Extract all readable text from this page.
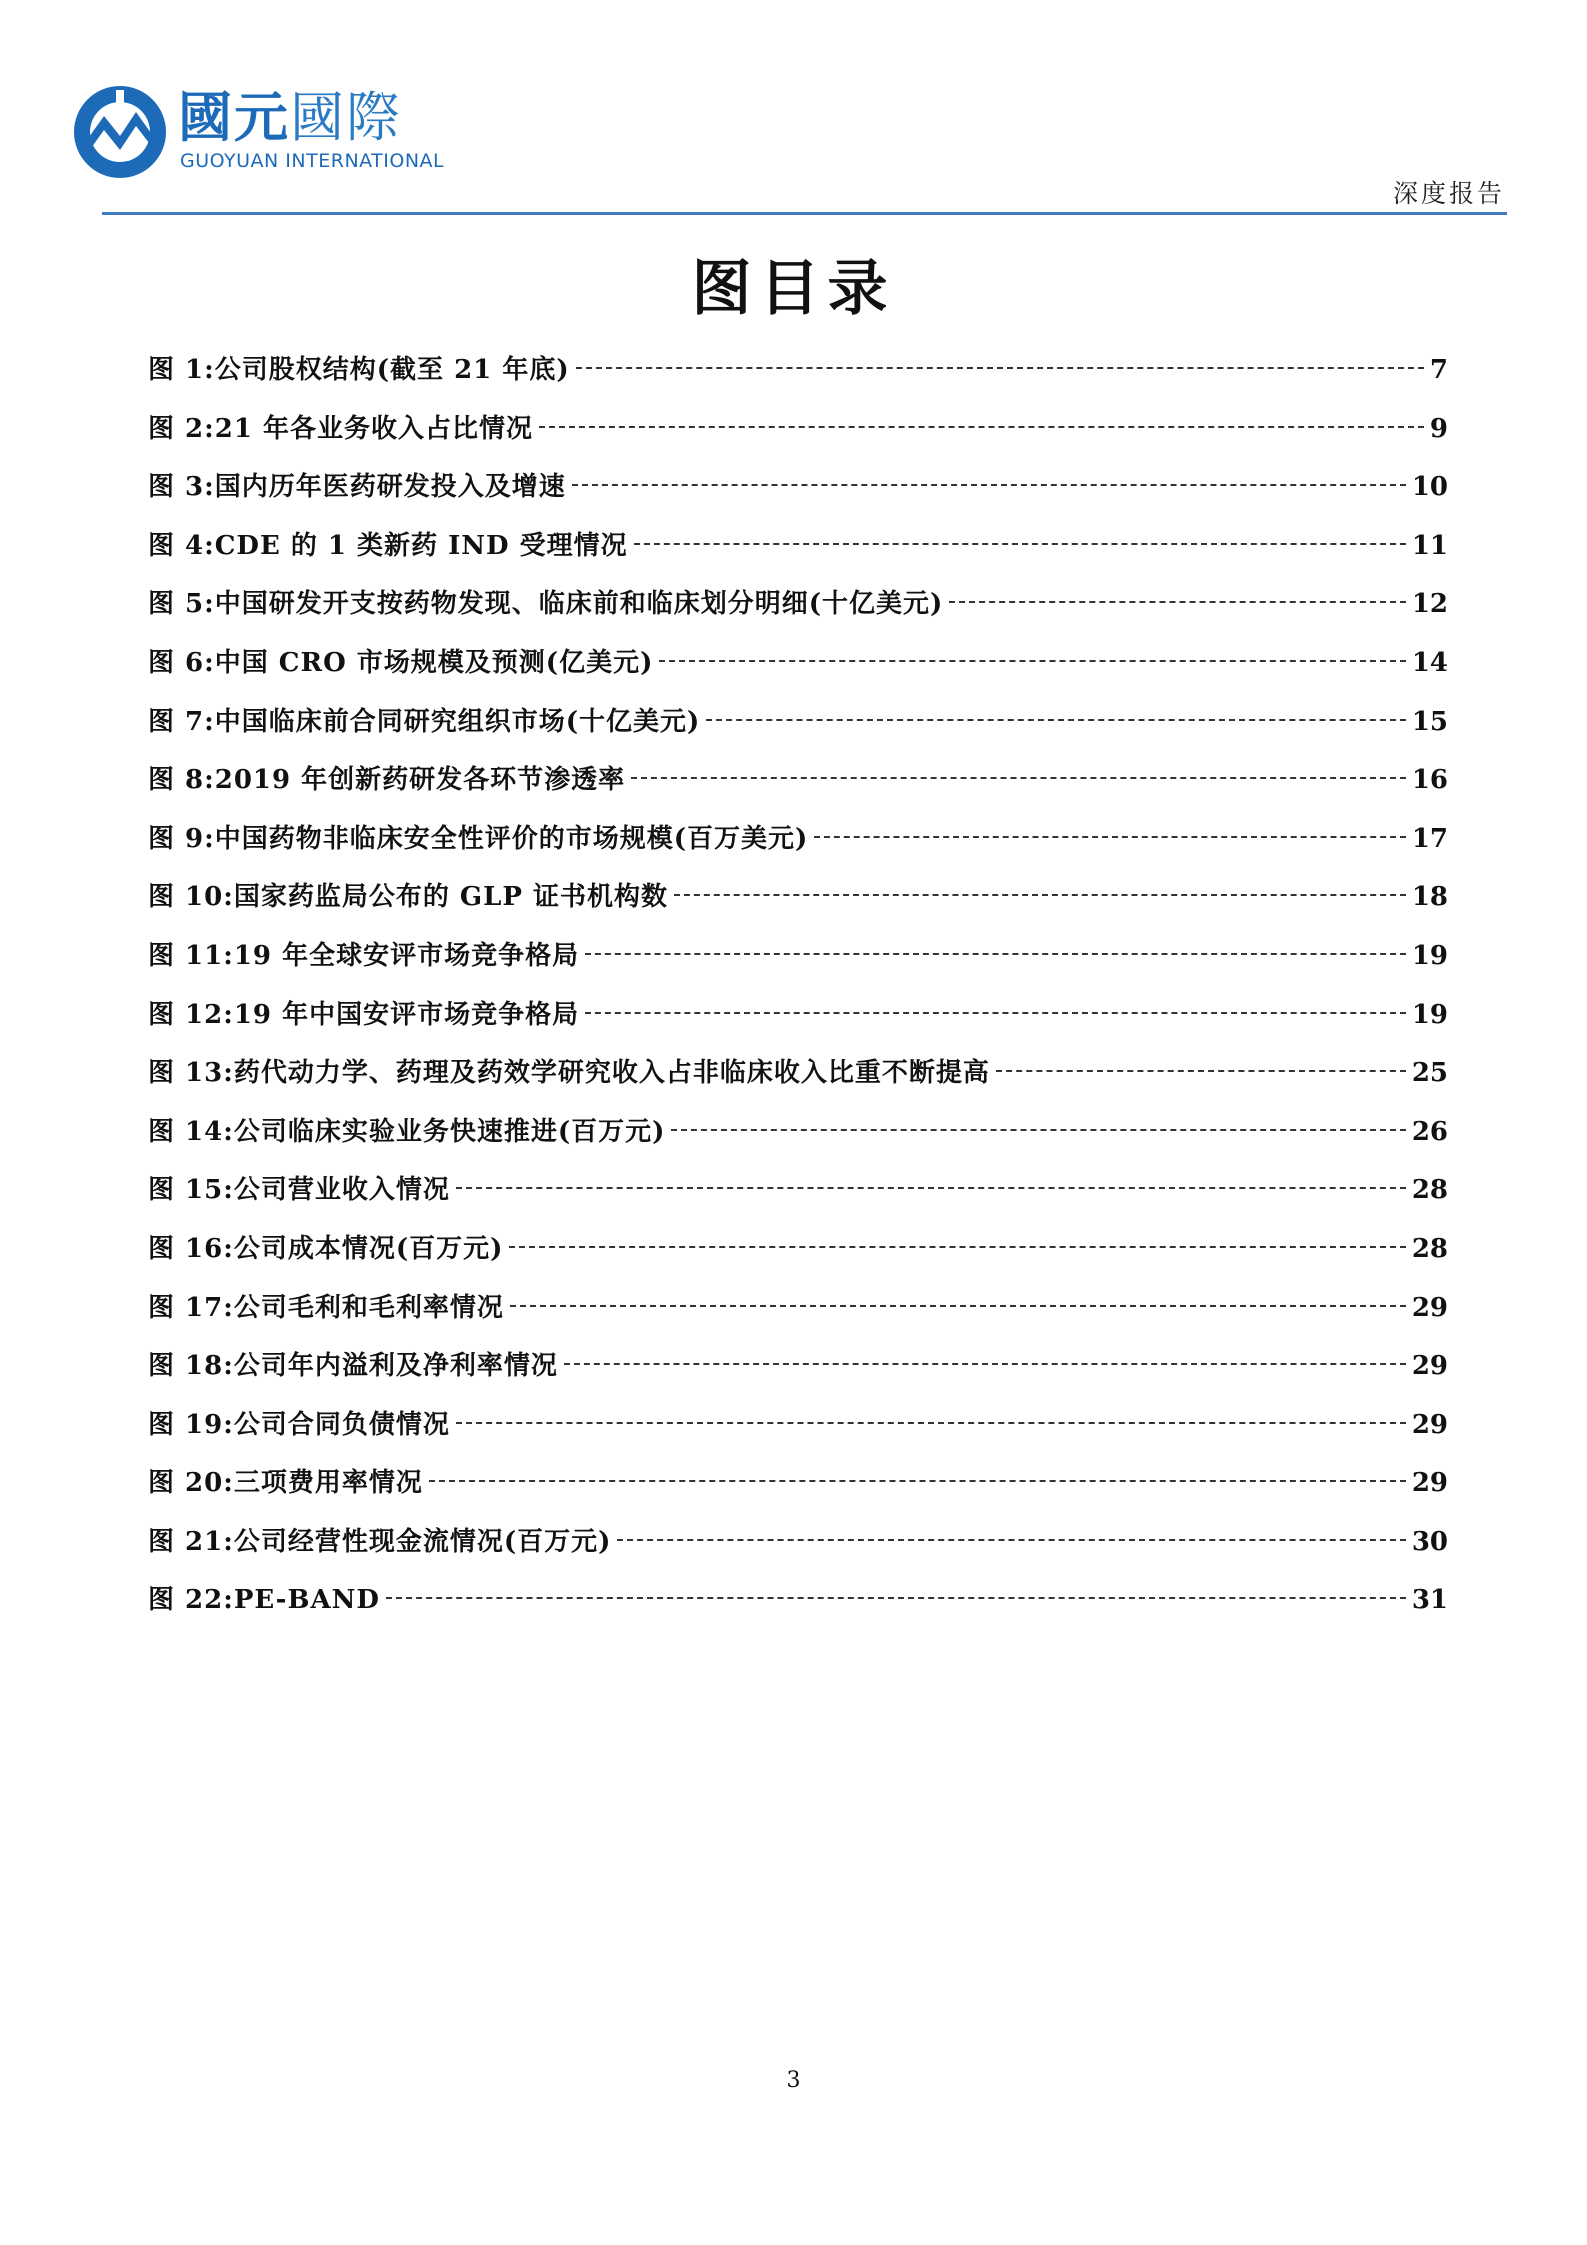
國元國際
GUOYUAN INTERNATIONAL
深度报告
图目录
图 1:公司股权结构(截至 21 年底)	7
图 2:21 年各业务收入占比情况	9
图 3:国内历年医药研发投入及增速	10
图 4:CDE 的 1 类新药 IND 受理情况	11
图 5:中国研发开支按药物发现、临床前和临床划分明细(十亿美元)	12
图 6:中国 CRO 市场规模及预测(亿美元)	14
图 7:中国临床前合同研究组织市场(十亿美元)	15
图 8:2019 年创新药研发各环节渗透率	16
图 9:中国药物非临床安全性评价的市场规模(百万美元)	17
图 10:国家药监局公布的 GLP 证书机构数	18
图 11:19 年全球安评市场竞争格局	19
图 12:19 年中国安评市场竞争格局	19
图 13:药代动力学、药理及药效学研究收入占非临床收入比重不断提高	25
图 14:公司临床实验业务快速推进(百万元)	26
图 15:公司营业收入情况	28
图 16:公司成本情况(百万元)	28
图 17:公司毛利和毛利率情况	29
图 18:公司年内溢利及净利率情况	29
图 19:公司合同负债情况	29
图 20:三项费用率情况	29
图 21:公司经营性现金流情况(百万元)	30
图 22:PE-BAND	31
3
